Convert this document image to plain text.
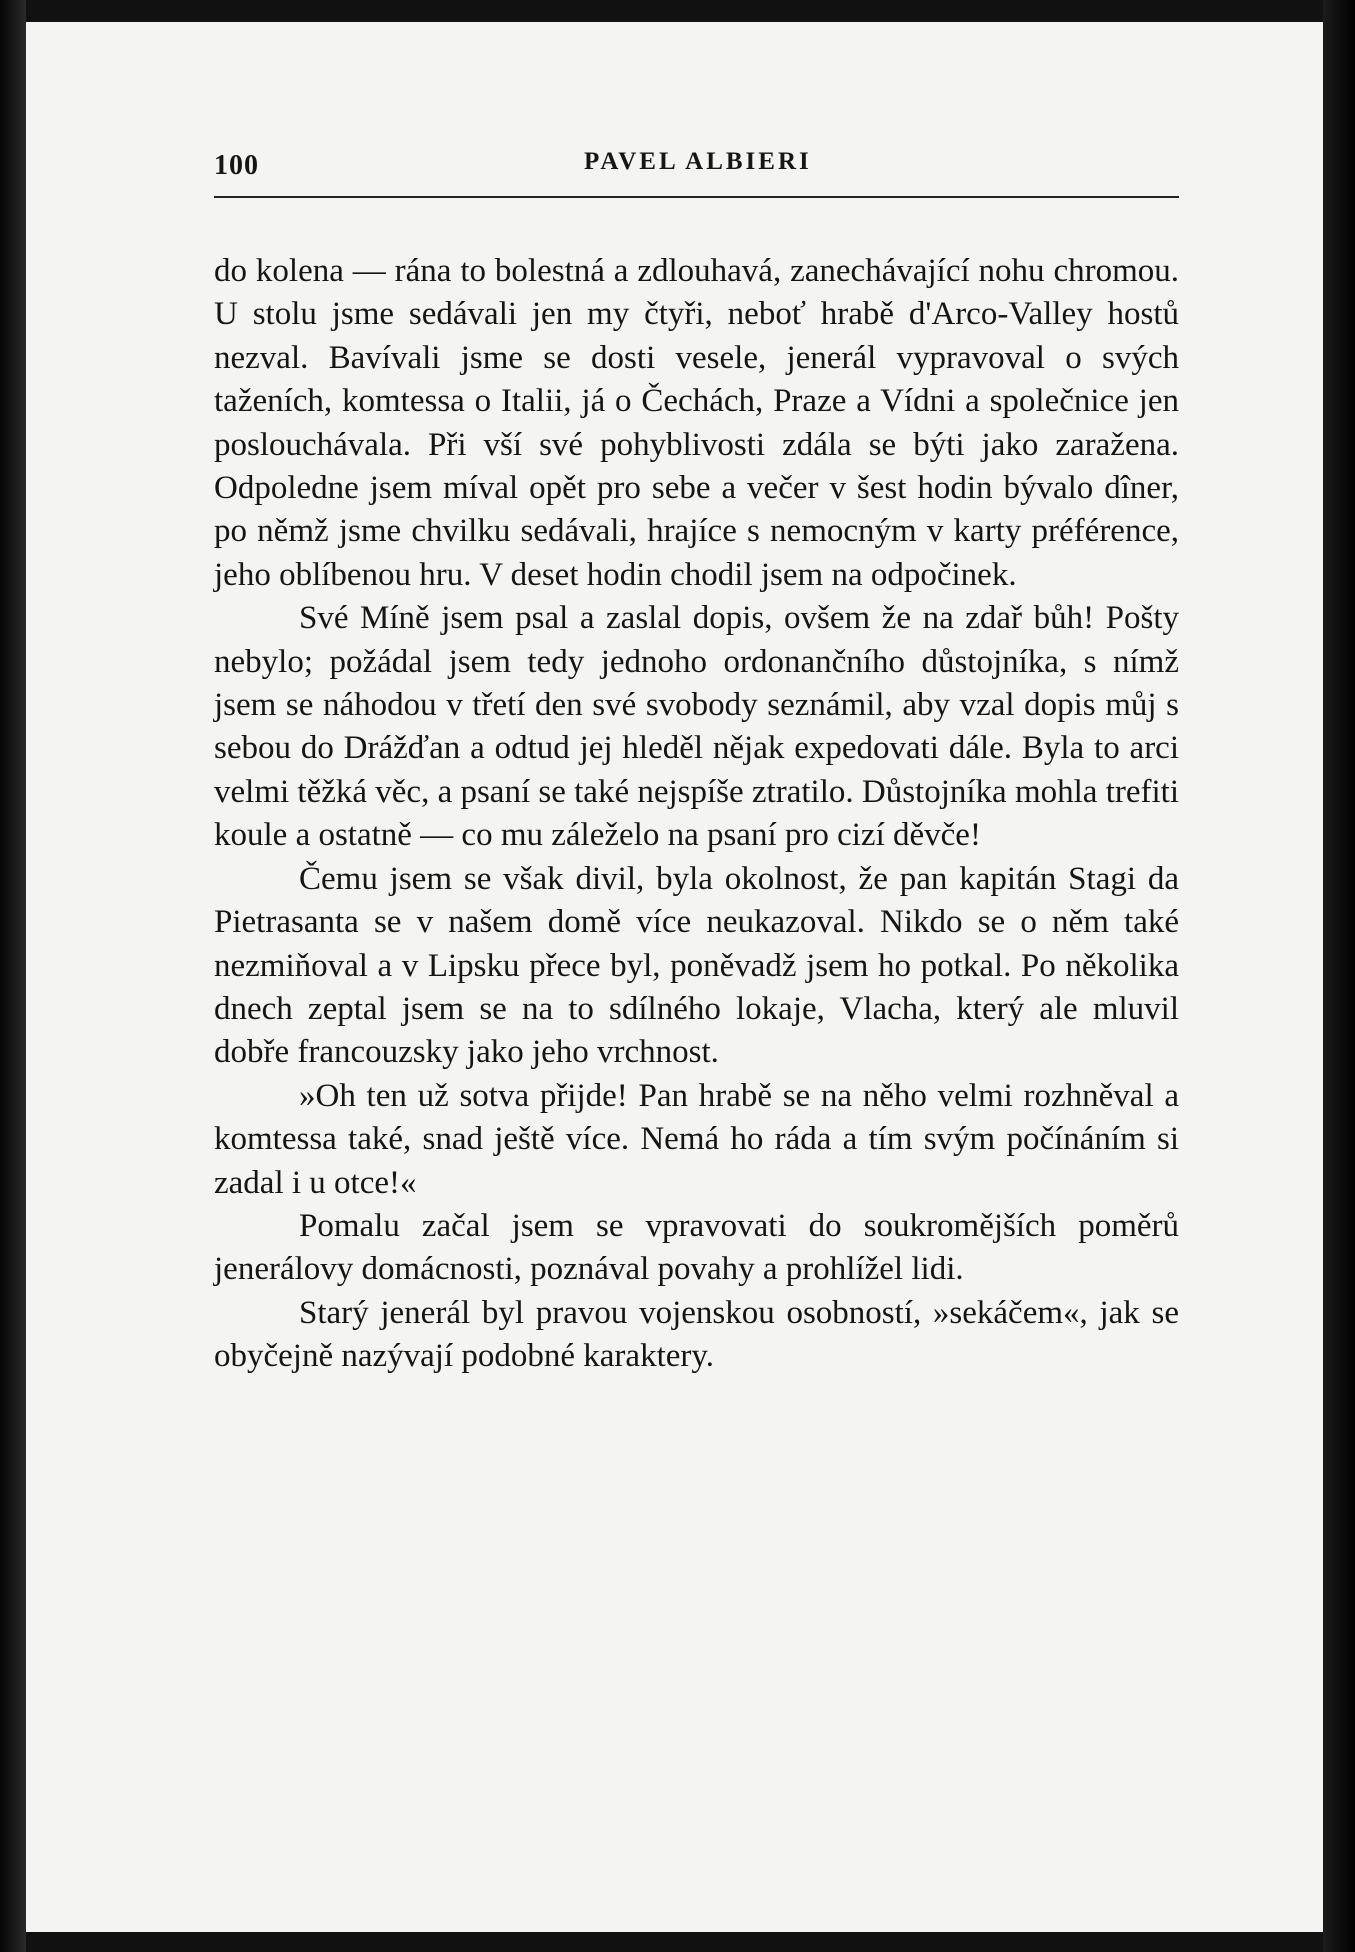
100	PAVEL ALBIERI

do kolena — rána to bolestná a zdlouhavá, zanechávající nohu chromou. U stolu jsme sedávali jen my čtyři, neboť hrabě d'Arco-Valley hostů nezval. Bavívali jsme se dosti vesele, jenerál vypravoval o svých taženích, komtessa o Italii, já o Čechách, Praze a Vídni a společnice jen poslouchávala. Při vší své pohyblivosti zdála se býti jako zaražena. Odpoledne jsem míval opět pro sebe a večer v šest hodin bývalo dîner, po němž jsme chvilku sedávali, hrajíce s nemocným v karty préférence, jeho oblíbenou hru. V deset hodin chodil jsem na odpočinek.

Své Míně jsem psal a zaslal dopis, ovšem že na zdař bůh! Pošty nebylo; požádal jsem tedy jednoho ordonančního důstojníka, s nímž jsem se náhodou v třetí den své svobody seznámil, aby vzal dopis můj s sebou do Drážďan a odtud jej hleděl nějak expedovati dále. Byla to arci velmi těžká věc, a psaní se také nejspíše ztratilo. Důstojníka mohla trefiti koule a ostatně — co mu záleželo na psaní pro cizí děvče!

Čemu jsem se však divil, byla okolnost, že pan kapitán Stagi da Pietrasanta se v našem domě více neukazoval. Nikdo se o něm také nezmiňoval a v Lipsku přece byl, poněvadž jsem ho potkal. Po několika dnech zeptal jsem se na to sdílného lokaje, Vlacha, který ale mluvil dobře francouzsky jako jeho vrchnost.

»Oh ten už sotva přijde! Pan hrabě se na něho velmi rozhněval a komtessa také, snad ještě více. Nemá ho ráda a tím svým počínáním si zadal i u otce!«

Pomalu začal jsem se vpravovati do soukromějších poměrů jenerálovy domácnosti, poznával povahy a prohlížel lidi.

Starý jenerál byl pravou vojenskou osobností, »sekáčem«, jak se obyčejně nazývají podobné karaktery.
